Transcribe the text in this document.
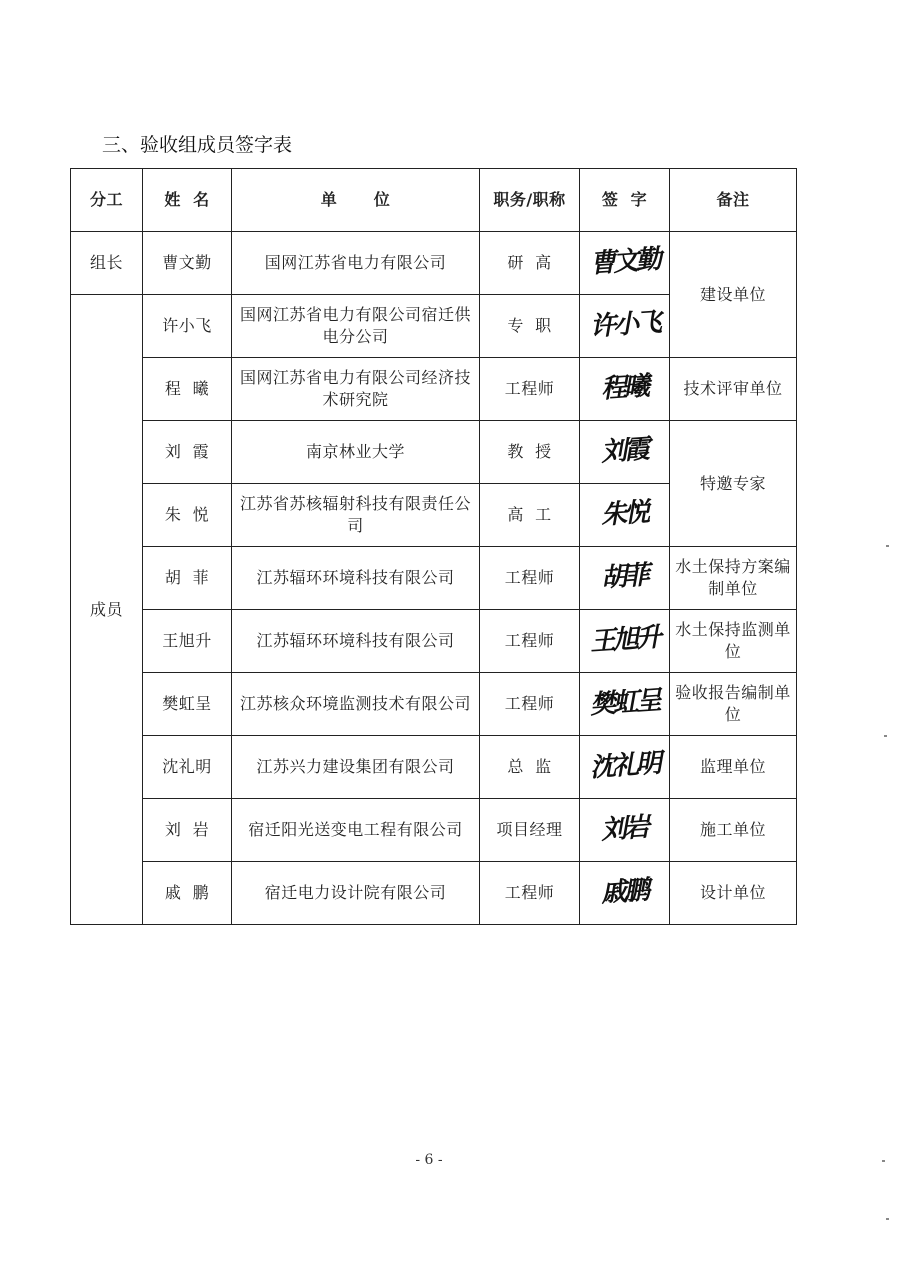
三、验收组成员签字表
分工	姓  名	单      位	职务/职称	签  字	备注
组长	曹文勤	国网江苏省电力有限公司	研  高	曹文勤	建设单位
成员	许小飞	国网江苏省电力有限公司宿迁供电分公司	专  职	许小飞	
	程  曦	国网江苏省电力有限公司经济技术研究院	工程师	程曦	技术评审单位
	刘  霞	南京林业大学	教  授	刘霞	特邀专家
	朱  悦	江苏省苏核辐射科技有限责任公司	高  工	朱悦	
	胡  菲	江苏辐环环境科技有限公司	工程师	胡菲	水土保持方案编制单位
	王旭升	江苏辐环环境科技有限公司	工程师	王旭升	水土保持监测单位
	樊虹呈	江苏核众环境监测技术有限公司	工程师	樊虹呈	验收报告编制单位
	沈礼明	江苏兴力建设集团有限公司	总  监	沈礼明	监理单位
	刘  岩	宿迁阳光送变电工程有限公司	项目经理	刘岩	施工单位
	戚  鹏	宿迁电力设计院有限公司	工程师	戚鹏	设计单位
- 6 -
